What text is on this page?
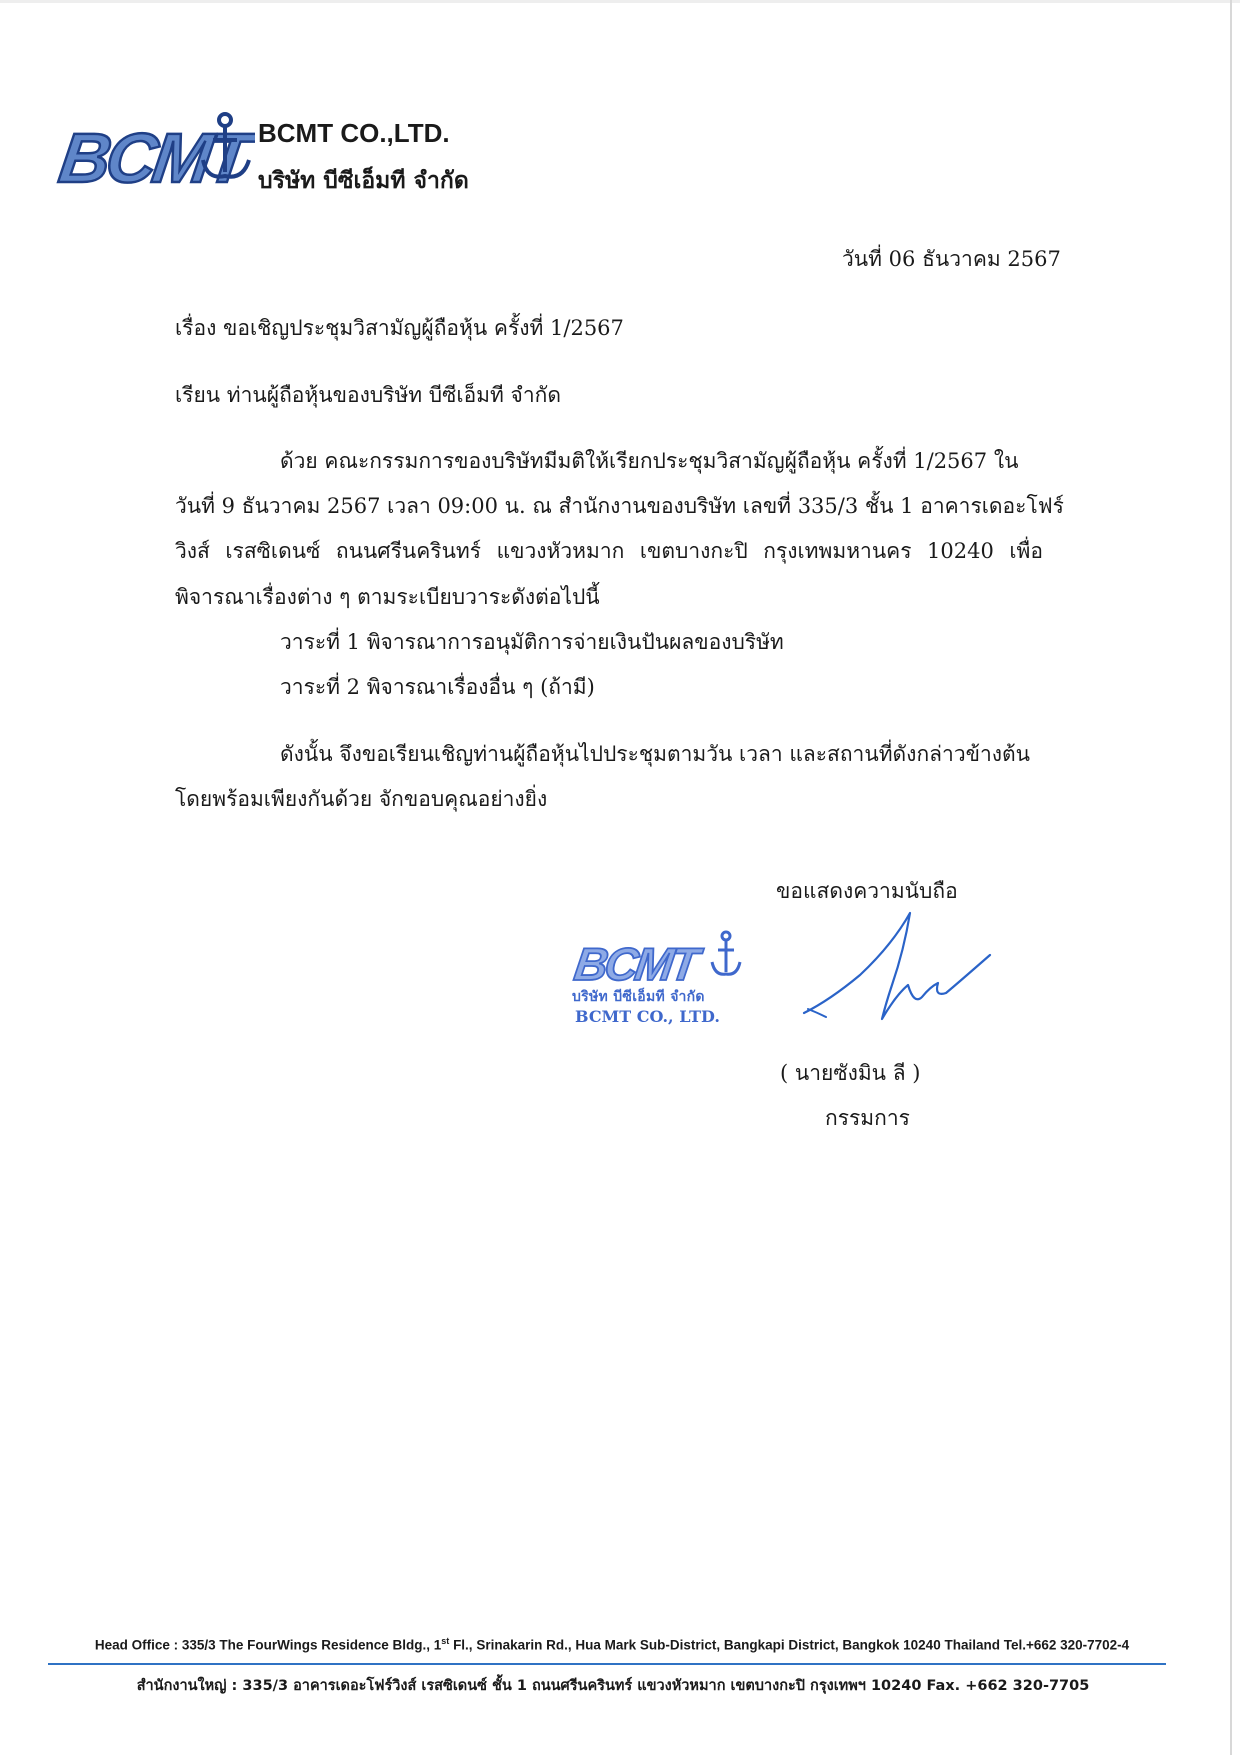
BCMT BCMT CO.,LTD.
บริษัท บีซีเอ็มที จำกัด
วันที่ 06 ธันวาคม 2567
เรื่อง ขอเชิญประชุมวิสามัญผู้ถือหุ้น ครั้งที่ 1/2567
เรียน ท่านผู้ถือหุ้นของบริษัท บีซีเอ็มที จำกัด
ด้วย คณะกรรมการของบริษัทมีมติให้เรียกประชุมวิสามัญผู้ถือหุ้น ครั้งที่ 1/2567 ใน
วันที่ 9 ธันวาคม 2567 เวลา 09:00 น. ณ สำนักงานของบริษัท เลขที่ 335/3 ชั้น 1 อาคารเดอะโฟร์
วิงส์ เรสซิเดนซ์ ถนนศรีนครินทร์ แขวงหัวหมาก เขตบางกะปิ กรุงเทพมหานคร 10240 เพื่อ
พิจารณาเรื่องต่าง ๆ ตามระเบียบวาระดังต่อไปนี้
วาระที่ 1 พิจารณาการอนุมัติการจ่ายเงินปันผลของบริษัท
วาระที่ 2 พิจารณาเรื่องอื่น ๆ (ถ้ามี)
ดังนั้น จึงขอเรียนเชิญท่านผู้ถือหุ้นไปประชุมตามวัน เวลา และสถานที่ดังกล่าวข้างต้น
โดยพร้อมเพียงกันด้วย จักขอบคุณอย่างยิ่ง
ขอแสดงความนับถือ
BCMT
บริษัท บีซีเอ็มที จำกัด
BCMT CO., LTD.
( นายซังมิน ลี )
กรรมการ
Head Office : 335/3 The FourWings Residence Bldg., 1st Fl., Srinakarin Rd., Hua Mark Sub-District, Bangkapi District, Bangkok 10240 Thailand Tel.+662 320-7702-4
สำนักงานใหญ่ : 335/3 อาคารเดอะโฟร์วิงส์ เรสซิเดนซ์ ชั้น 1 ถนนศรีนครินทร์ แขวงหัวหมาก เขตบางกะปิ กรุงเทพฯ 10240 Fax. +662 320-7705
